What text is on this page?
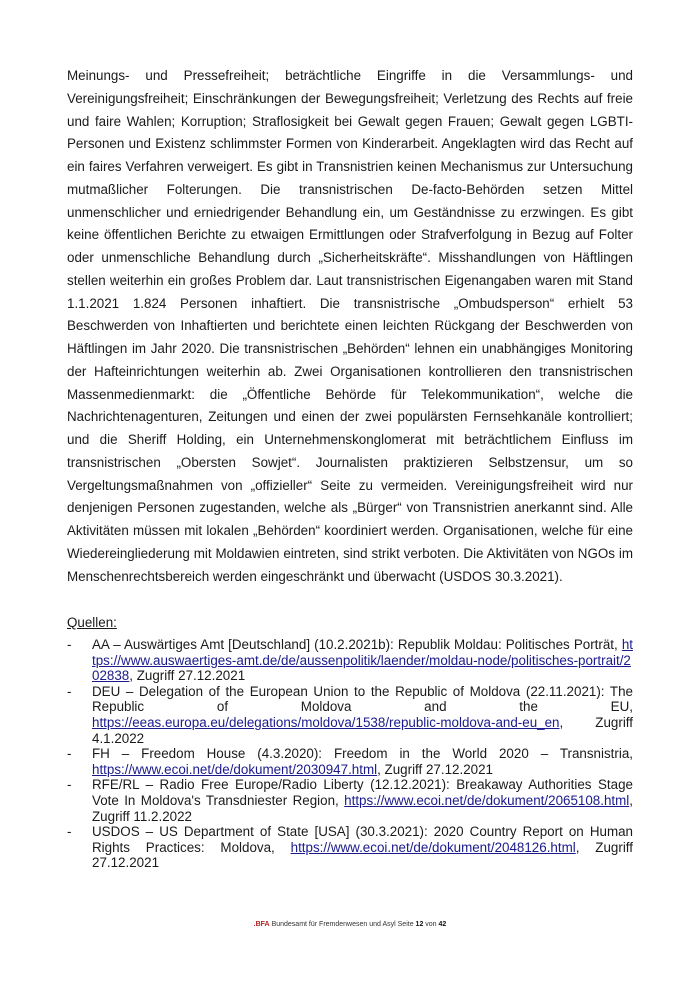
Meinungs- und Pressefreiheit; beträchtliche Eingriffe in die Versammlungs- und Vereinigungsfreiheit; Einschränkungen der Bewegungsfreiheit; Verletzung des Rechts auf freie und faire Wahlen; Korruption; Straflosigkeit bei Gewalt gegen Frauen; Gewalt gegen LGBTI-Personen und Existenz schlimmster Formen von Kinderarbeit. Angeklagten wird das Recht auf ein faires Verfahren verweigert. Es gibt in Transnistrien keinen Mechanismus zur Untersuchung mutmaßlicher Folterungen. Die transnistrischen De-facto-Behörden setzen Mittel unmenschlicher und erniedrigender Behandlung ein, um Geständnisse zu erzwingen. Es gibt keine öffentlichen Berichte zu etwaigen Ermittlungen oder Strafverfolgung in Bezug auf Folter oder unmenschliche Behandlung durch „Sicherheitskräfte“. Misshandlungen von Häftlingen stellen weiterhin ein großes Problem dar. Laut transnistrischen Eigenangaben waren mit Stand 1.1.2021 1.824 Personen inhaftiert. Die transnistrische „Ombudsperson“ erhielt 53 Beschwerden von Inhaftierten und berichtete einen leichten Rückgang der Beschwerden von Häftlingen im Jahr 2020. Die transnistrischen „Behörden“ lehnen ein unabhängiges Monitoring der Hafteinrichtungen weiterhin ab. Zwei Organisationen kontrollieren den transnistrischen Massenmedienmarkt: die „Öffentliche Behörde für Telekommunikation“, welche die Nachrichtenagenturen, Zeitungen und einen der zwei populärsten Fernsehkanäle kontrolliert; und die Sheriff Holding, ein Unternehmenskonglomerat mit beträchtlichem Einfluss im transnistrischen „Obersten Sowjet“. Journalisten praktizieren Selbstzensur, um so Vergeltungsmaßnahmen von „offizieller“ Seite zu vermeiden. Vereinigungsfreiheit wird nur denjenigen Personen zugestanden, welche als „Bürger“ von Transnistrien anerkannt sind. Alle Aktivitäten müssen mit lokalen „Behörden“ koordiniert werden. Organisationen, welche für eine Wiedereingliederung mit Moldawien eintreten, sind strikt verboten. Die Aktivitäten von NGOs im Menschenrechtsbereich werden eingeschränkt und überwacht (USDOS 30.3.2021).

Quellen:

- AA – Auswärtiges Amt [Deutschland] (10.2.2021b): Republik Moldau: Politisches Porträt, https://www.auswaertiges-amt.de/de/aussenpolitik/laender/moldau-node/politisches-portrait/202838, Zugriff 27.12.2021
- DEU – Delegation of the European Union to the Republic of Moldova (22.11.2021): The Republic of Moldova and the EU, https://eeas.europa.eu/delegations/moldova/1538/republic-moldova-and-eu_en, Zugriff 4.1.2022
- FH – Freedom House (4.3.2020): Freedom in the World 2020 – Transnistria, https://www.ecoi.net/de/dokument/2030947.html, Zugriff 27.12.2021
- RFE/RL – Radio Free Europe/Radio Liberty (12.12.2021): Breakaway Authorities Stage Vote In Moldova's Transdniester Region, https://www.ecoi.net/de/dokument/2065108.html, Zugriff 11.2.2022
- USDOS – US Department of State [USA] (30.3.2021): 2020 Country Report on Human Rights Practices: Moldova, https://www.ecoi.net/de/dokument/2048126.html, Zugriff 27.12.2021
.BFA Bundesamt für Fremdenwesen und Asyl Seite 12 von 42
